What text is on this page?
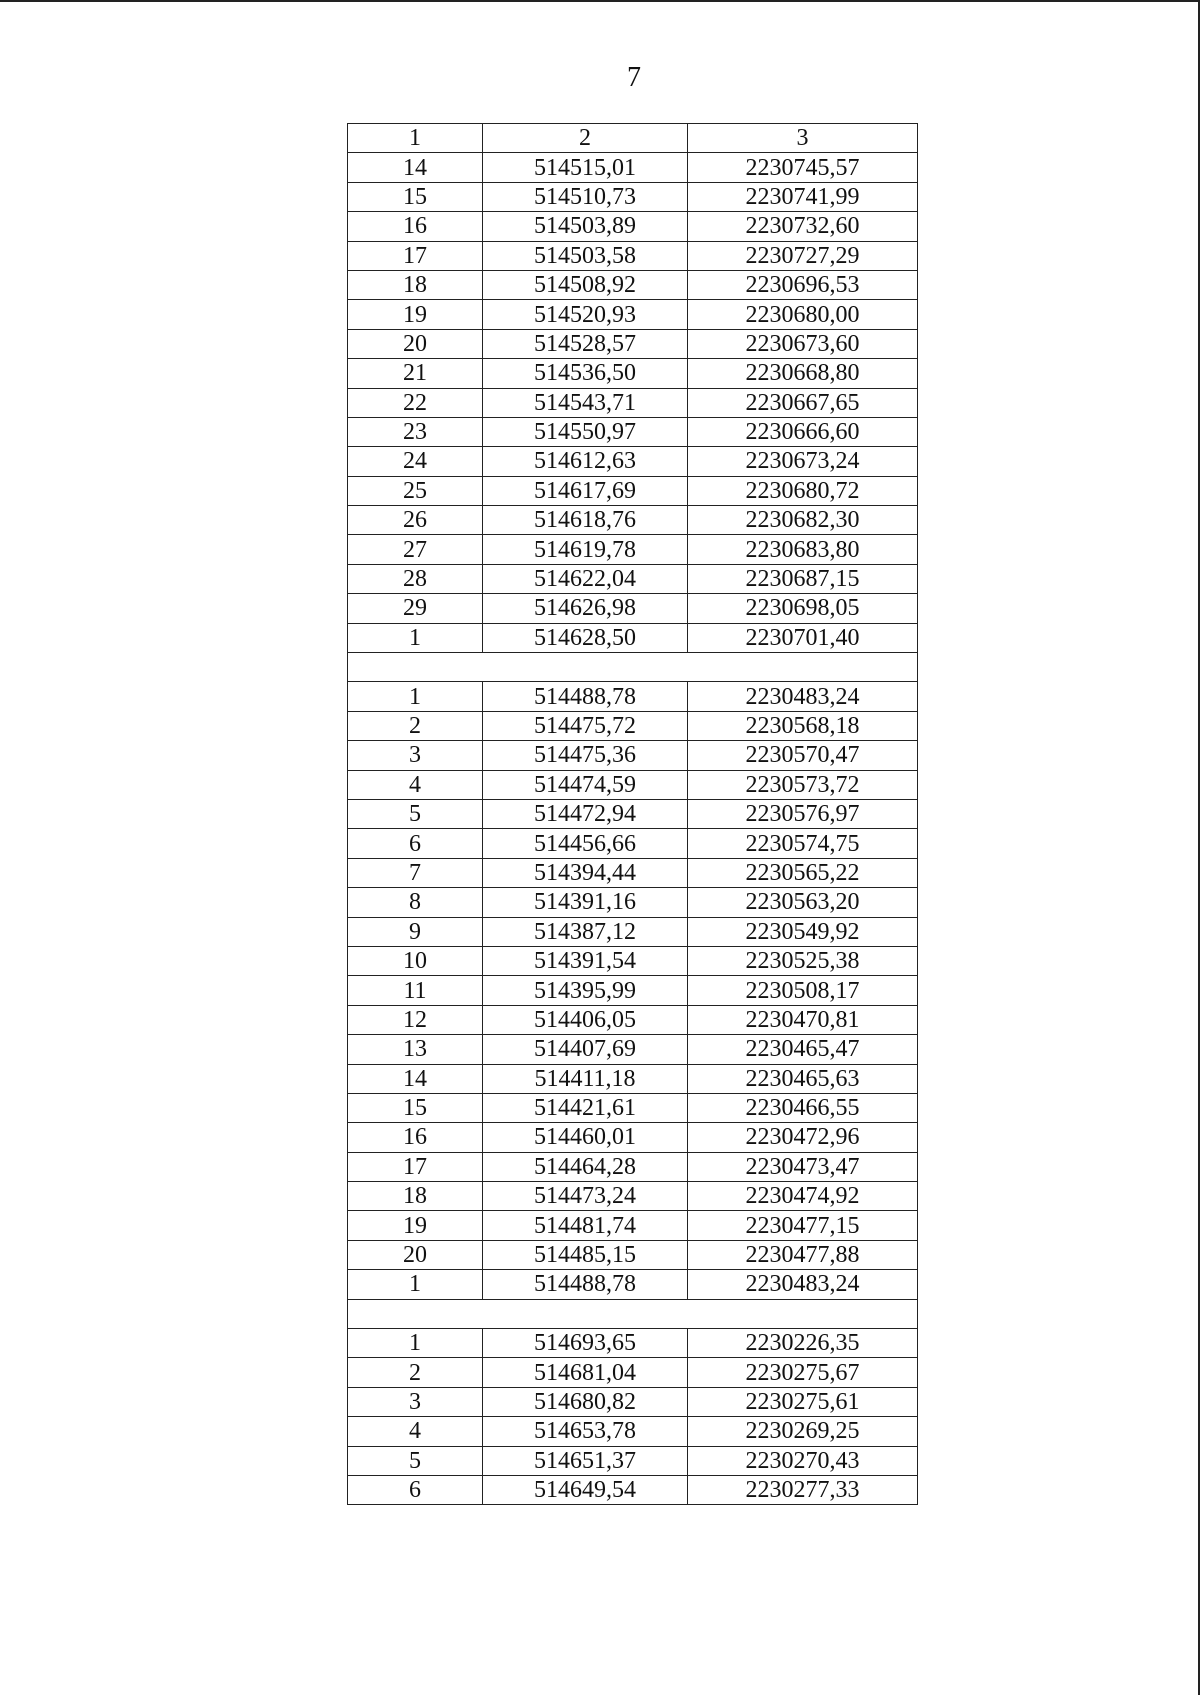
7
1	2	3
14	514515,01	2230745,57
15	514510,73	2230741,99
16	514503,89	2230732,60
17	514503,58	2230727,29
18	514508,92	2230696,53
19	514520,93	2230680,00
20	514528,57	2230673,60
21	514536,50	2230668,80
22	514543,71	2230667,65
23	514550,97	2230666,60
24	514612,63	2230673,24
25	514617,69	2230680,72
26	514618,76	2230682,30
27	514619,78	2230683,80
28	514622,04	2230687,15
29	514626,98	2230698,05
1	514628,50	2230701,40

1	514488,78	2230483,24
2	514475,72	2230568,18
3	514475,36	2230570,47
4	514474,59	2230573,72
5	514472,94	2230576,97
6	514456,66	2230574,75
7	514394,44	2230565,22
8	514391,16	2230563,20
9	514387,12	2230549,92
10	514391,54	2230525,38
11	514395,99	2230508,17
12	514406,05	2230470,81
13	514407,69	2230465,47
14	514411,18	2230465,63
15	514421,61	2230466,55
16	514460,01	2230472,96
17	514464,28	2230473,47
18	514473,24	2230474,92
19	514481,74	2230477,15
20	514485,15	2230477,88
1	514488,78	2230483,24

1	514693,65	2230226,35
2	514681,04	2230275,67
3	514680,82	2230275,61
4	514653,78	2230269,25
5	514651,37	2230270,43
6	514649,54	2230277,33
